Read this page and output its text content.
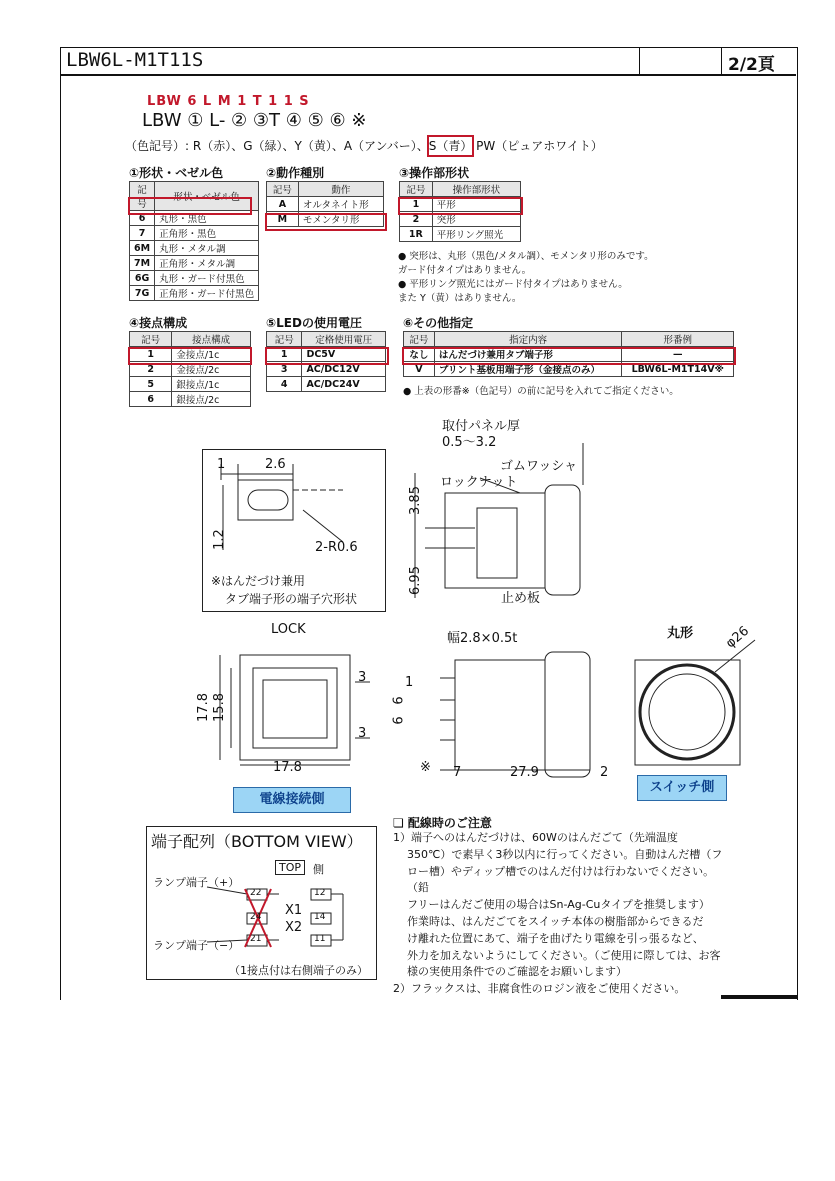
LBW6L-M1T11S	2/2頁
LBW 6 L M 1 T 1 1 S
LBW ① L- ② ③T ④ ⑤ ⑥ ※
（色記号）: R（赤）、G（緑）、Y（黄）、A（アンバー）、S（青） PW（ピュアホワイト）
①形状・ベゼル色
記号	形状・ベゼル色
6	丸形・黒色
7	正角形・黒色
6M	丸形・メタル調
7M	正角形・メタル調
6G	丸形・ガード付黒色
7G	正角形・ガード付黒色
②動作種別
記号	動作
A	オルタネイト形
M	モメンタリ形
③操作部形状
記号	操作部形状
1	平形
2	突形
1R	平形リング照光
● 突形は、丸形（黒色/メタル調）、モメンタリ形のみです。
ガード付タイプはありません。
● 平形リング照光にはガード付タイプはありません。
また Y（黄）はありません。
④接点構成
記号	接点構成
1	金接点/1c
2	金接点/2c
5	銀接点/1c
6	銀接点/2c
⑤LEDの使用電圧
記号	定格使用電圧
1	DC5V
3	AC/DC12V
4	AC/DC24V
⑥その他指定
記号	指定内容	形番例
なし	はんだづけ兼用タブ端子形	—
V	プリント基板用端子形（金接点のみ）	LBW6L-M1T14V※
● 上表の形番※（色記号）の前に記号を入れてご指定ください。
1	2.6
1.2	2-R0.6
※はんだづけ兼用
タブ端子形の端子穴形状
取付パネル厚
0.5〜3.2
ゴムワッシャ
ロックナット
3.85
6.95
止め板
LOCK
17.8 15.8
17.8
3
3
電線接続側
幅2.8×0.5t
1
6
6
7	27.9	2
※
丸形 φ26
スイッチ側
端子配列（BOTTOM VIEW）
TOP	側
ランプ端子（+）
ランプ端子（−）
22
24
21
12
14
11
X1
X2
（1接点付は右側端子のみ）
❏ 配線時のご注意
1）端子へのはんだづけは、60Wのはんだごて（先端温度
350℃）で素早く3秒以内に行ってください。自動はんだ槽（フ
ロー槽）やディップ槽でのはんだ付けは行わないでください。（鉛
フリーはんだご使用の場合はSn-Ag-Cuタイプを推奨します）
作業時は、はんだごてをスイッチ本体の樹脂部からできるだ
け離れた位置にあて、端子を曲げたり電線を引っ張るなど、
外力を加えないようにしてください。（ご使用に際しては、お客
様の実使用条件でのご確認をお願いします）
2）フラックスは、非腐食性のロジン液をご使用ください。
